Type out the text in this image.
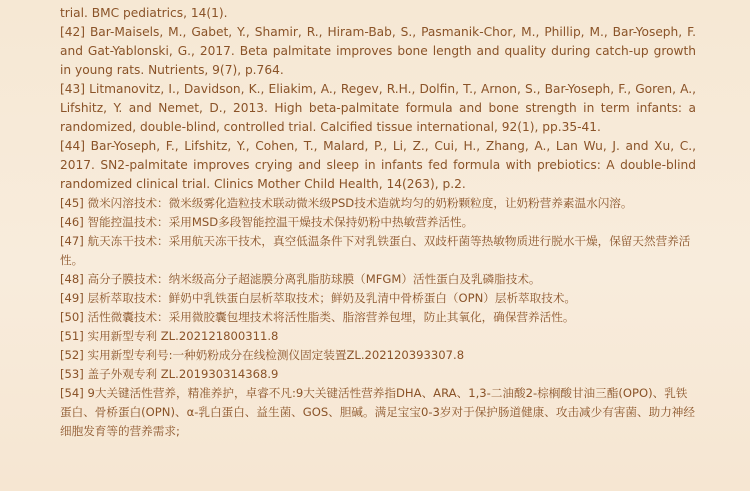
trial. BMC pediatrics, 14(1).

[42] Bar-Maisels, M., Gabet, Y., Shamir, R., Hiram-Bab, S., Pasmanik-Chor, M., Phillip, M., Bar-Yoseph, F. and Gat-Yablonski, G., 2017. Beta palmitate improves bone length and quality during catch-up growth in young rats. Nutrients, 9(7), p.764.

[43] Litmanovitz, I., Davidson, K., Eliakim, A., Regev, R.H., Dolfin, T., Arnon, S., Bar-Yoseph, F., Goren, A., Lifshitz, Y. and Nemet, D., 2013. High beta-palmitate formula and bone strength in term infants: a randomized, double-blind, controlled trial. Calcified tissue international, 92(1), pp.35-41.

[44] Bar-Yoseph, F., Lifshitz, Y., Cohen, T., Malard, P., Li, Z., Cui, H., Zhang, A., Lan Wu, J. and Xu, C., 2017. SN2-palmitate improves crying and sleep in infants fed formula with prebiotics: A double-blind randomized clinical trial. Clinics Mother Child Health, 14(263), p.2.

[45] 微米闪溶技术：微米级雾化造粒技术联动微米级PSD技术造就均匀的奶粉颗粒度，让奶粉营养素温水闪溶。

[46] 智能控温技术：采用MSD多段智能控温干燥技术保持奶粉中热敏营养活性。

[47] 航天冻干技术：采用航天冻干技术，真空低温条件下对乳铁蛋白、双歧杆菌等热敏物质进行脱水干燥，保留天然营养活性。

[48] 高分子膜技术：纳米级高分子超滤膜分离乳脂肪球膜（MFGM）活性蛋白及乳磷脂技术。

[49] 层析萃取技术：鲜奶中乳铁蛋白层析萃取技术；鲜奶及乳清中骨桥蛋白（OPN）层析萃取技术。

[50] 活性微囊技术：采用微胶囊包埋技术将活性脂类、脂溶营养包埋，防止其氧化，确保营养活性。

[51] 实用新型专利 ZL.202121800311.8

[52] 实用新型专利号:一种奶粉成分在线检测仪固定装置ZL.202120393307.8

[53] 盖子外观专利 ZL.201930314368.9

[54] 9大关键活性营养，精准养护，卓睿不凡:9大关键活性营养指DHA、ARA、1,3-二油酸2-棕榈酸甘油三酯(OPO)、乳铁蛋白、骨桥蛋白(OPN)、α-乳白蛋白、益生菌、GOS、胆碱。满足宝宝0-3岁对于保护肠道健康、攻击减少有害菌、助力神经细胞发育等的营养需求;
